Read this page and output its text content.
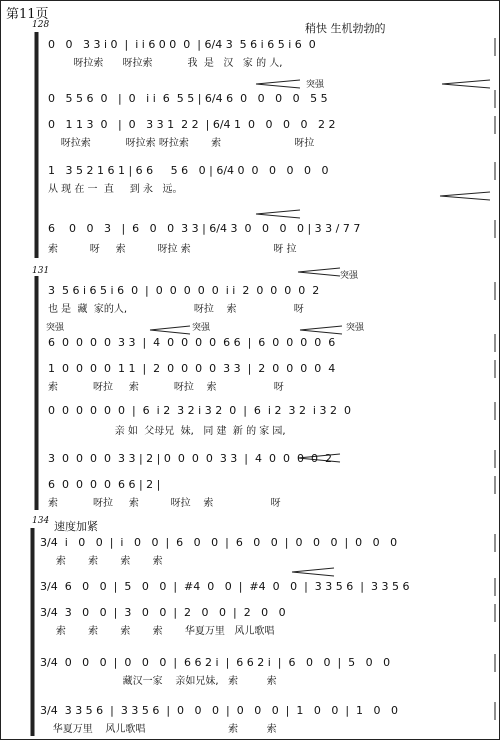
第11页
128	稍快 生机勃勃的
突强
0   0   3 3 i 0  |  i i 6 0 0  0  | 6/4 3  5 6 i 6 5 i 6  0
呀拉索      呀拉索           我  是   汉   家 的 人,
0   5 5 6  0   |  0   i i  6  5 5 | 6/4 6  0   0   0   0   5 5
0   1 1 3  0   |  0   3 3 1  2 2  | 6/4 1  0   0   0   0   2 2
呀拉索           呀拉索 呀拉索       索                       呀拉
1   3 5 2 1 6 1 | 6 6     5 6   0 | 6/4 0  0   0   0   0   0
从 现 在 一  直     到 永   远。
6    0   0   3   |  6   0   0  3 3 | 6/4 3  0   0   0   0 | 3 3 / 7 7
索          呀     索          呀拉 索                          呀 拉
131	突强
突强	突强	突强
3  5 6 i 6 5 i 6  0  |  0  0  0  0  0  i i  2  0  0  0  0  2
也 是  藏  家的人,                     呀拉    索                  呀
6  0  0  0  0  3 3  |  4  0  0  0  0  6 6  |  6  0  0  0  0  6
1  0  0  0  0  1 1  |  2  0  0  0  0  3 3  |  2  0  0  0  0  4
索           呀拉     索           呀拉    索                  呀
0  0  0  0  0  0  |  6  i 2  3 2 i 3 2  0  |  6  i 2  3 2  i 3 2  0
亲 如  父母兄  妹,   同 建  新 的 家 园,
3  0  0  0  0  3 3 | 2 | 0  0  0  0  3 3  |  4  0  0  0  0  2
6  0  0  0  0  6 6 | 2 |
索           呀拉     索          呀拉    索                  呀
134 速度加紧
3/4  i   0   0  |  i   0   0  |  6   0   0  |  6   0   0  |  0   0   0  |  0   0   0
索       索       索       索
3/4  6   0   0  |  5   0   0  |  #4  0   0  |  #4  0   0  |  3 3 5 6  |  3 3 5 6
3/4  3   0   0  |  3   0   0  |  2   0   0  |  2   0   0
索       索       索       索       华夏万里   风儿歌唱
3/4  0   0   0  |  0   0   0  |  6 6 2 i  |  6 6 2 i  |  6   0   0  |  5   0   0
藏汉一家    亲如兄妹,   索         索
3/4  3 3 5 6  |  3 3 5 6  |  0   0   0  |  0   0   0  |  1   0   0  |  1   0   0
华夏万里    风儿歌唱                          索         索
